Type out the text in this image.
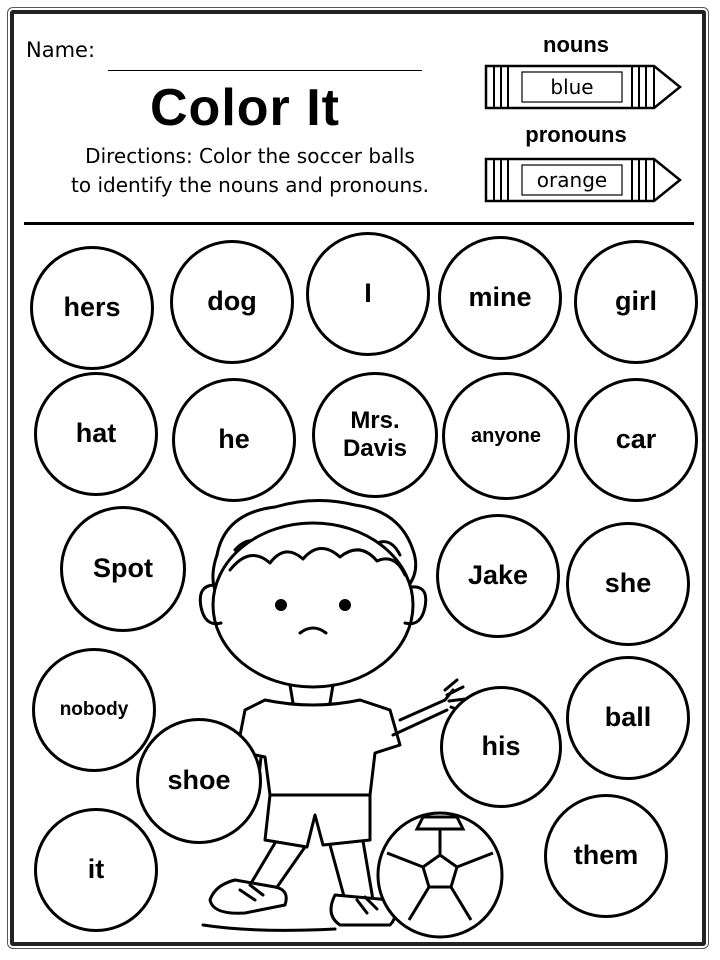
Name:
Color It
Directions: Color the soccer balls
to identify the nouns and pronouns.
nouns
blue
pronouns
orange
hers	dog	I	mine	girl
hat	he
Mrs.
Davis	anyone	car
Spot	Jake	she
nobody
shoe
his
ball
it	them
